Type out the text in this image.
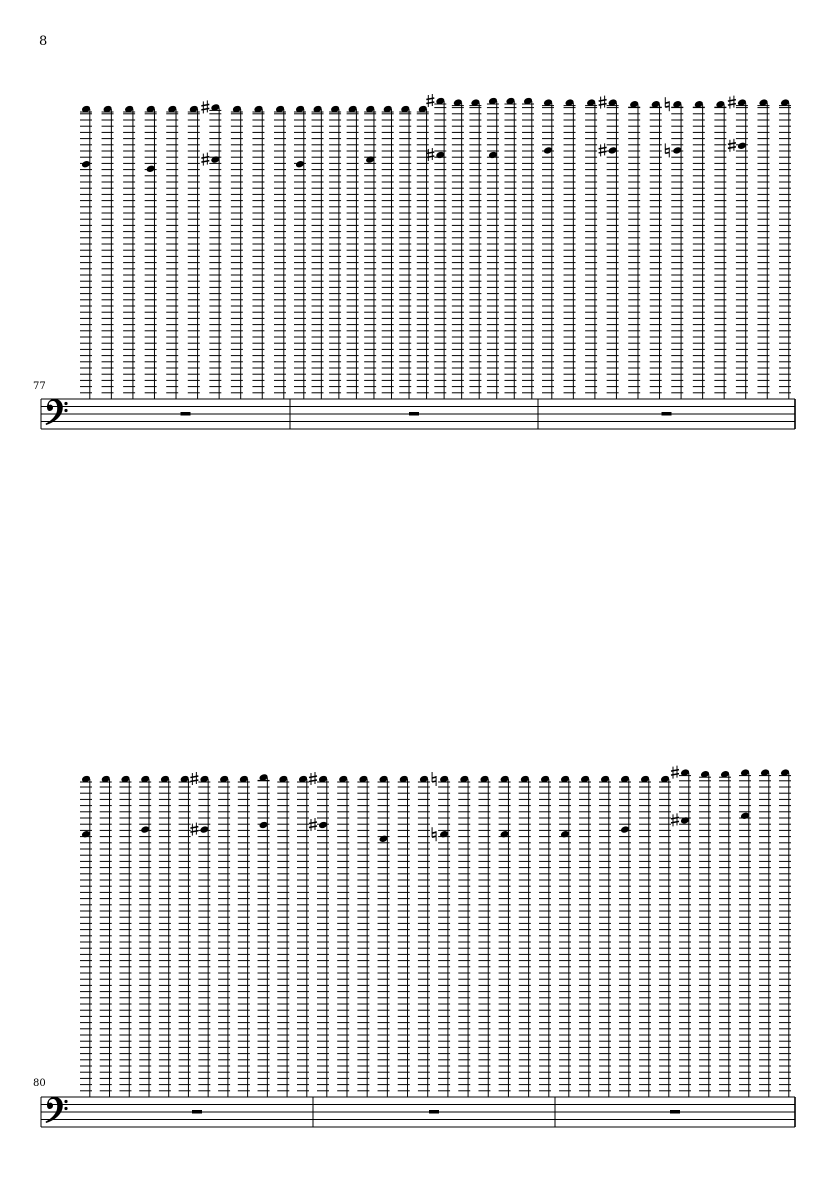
8
77
80
